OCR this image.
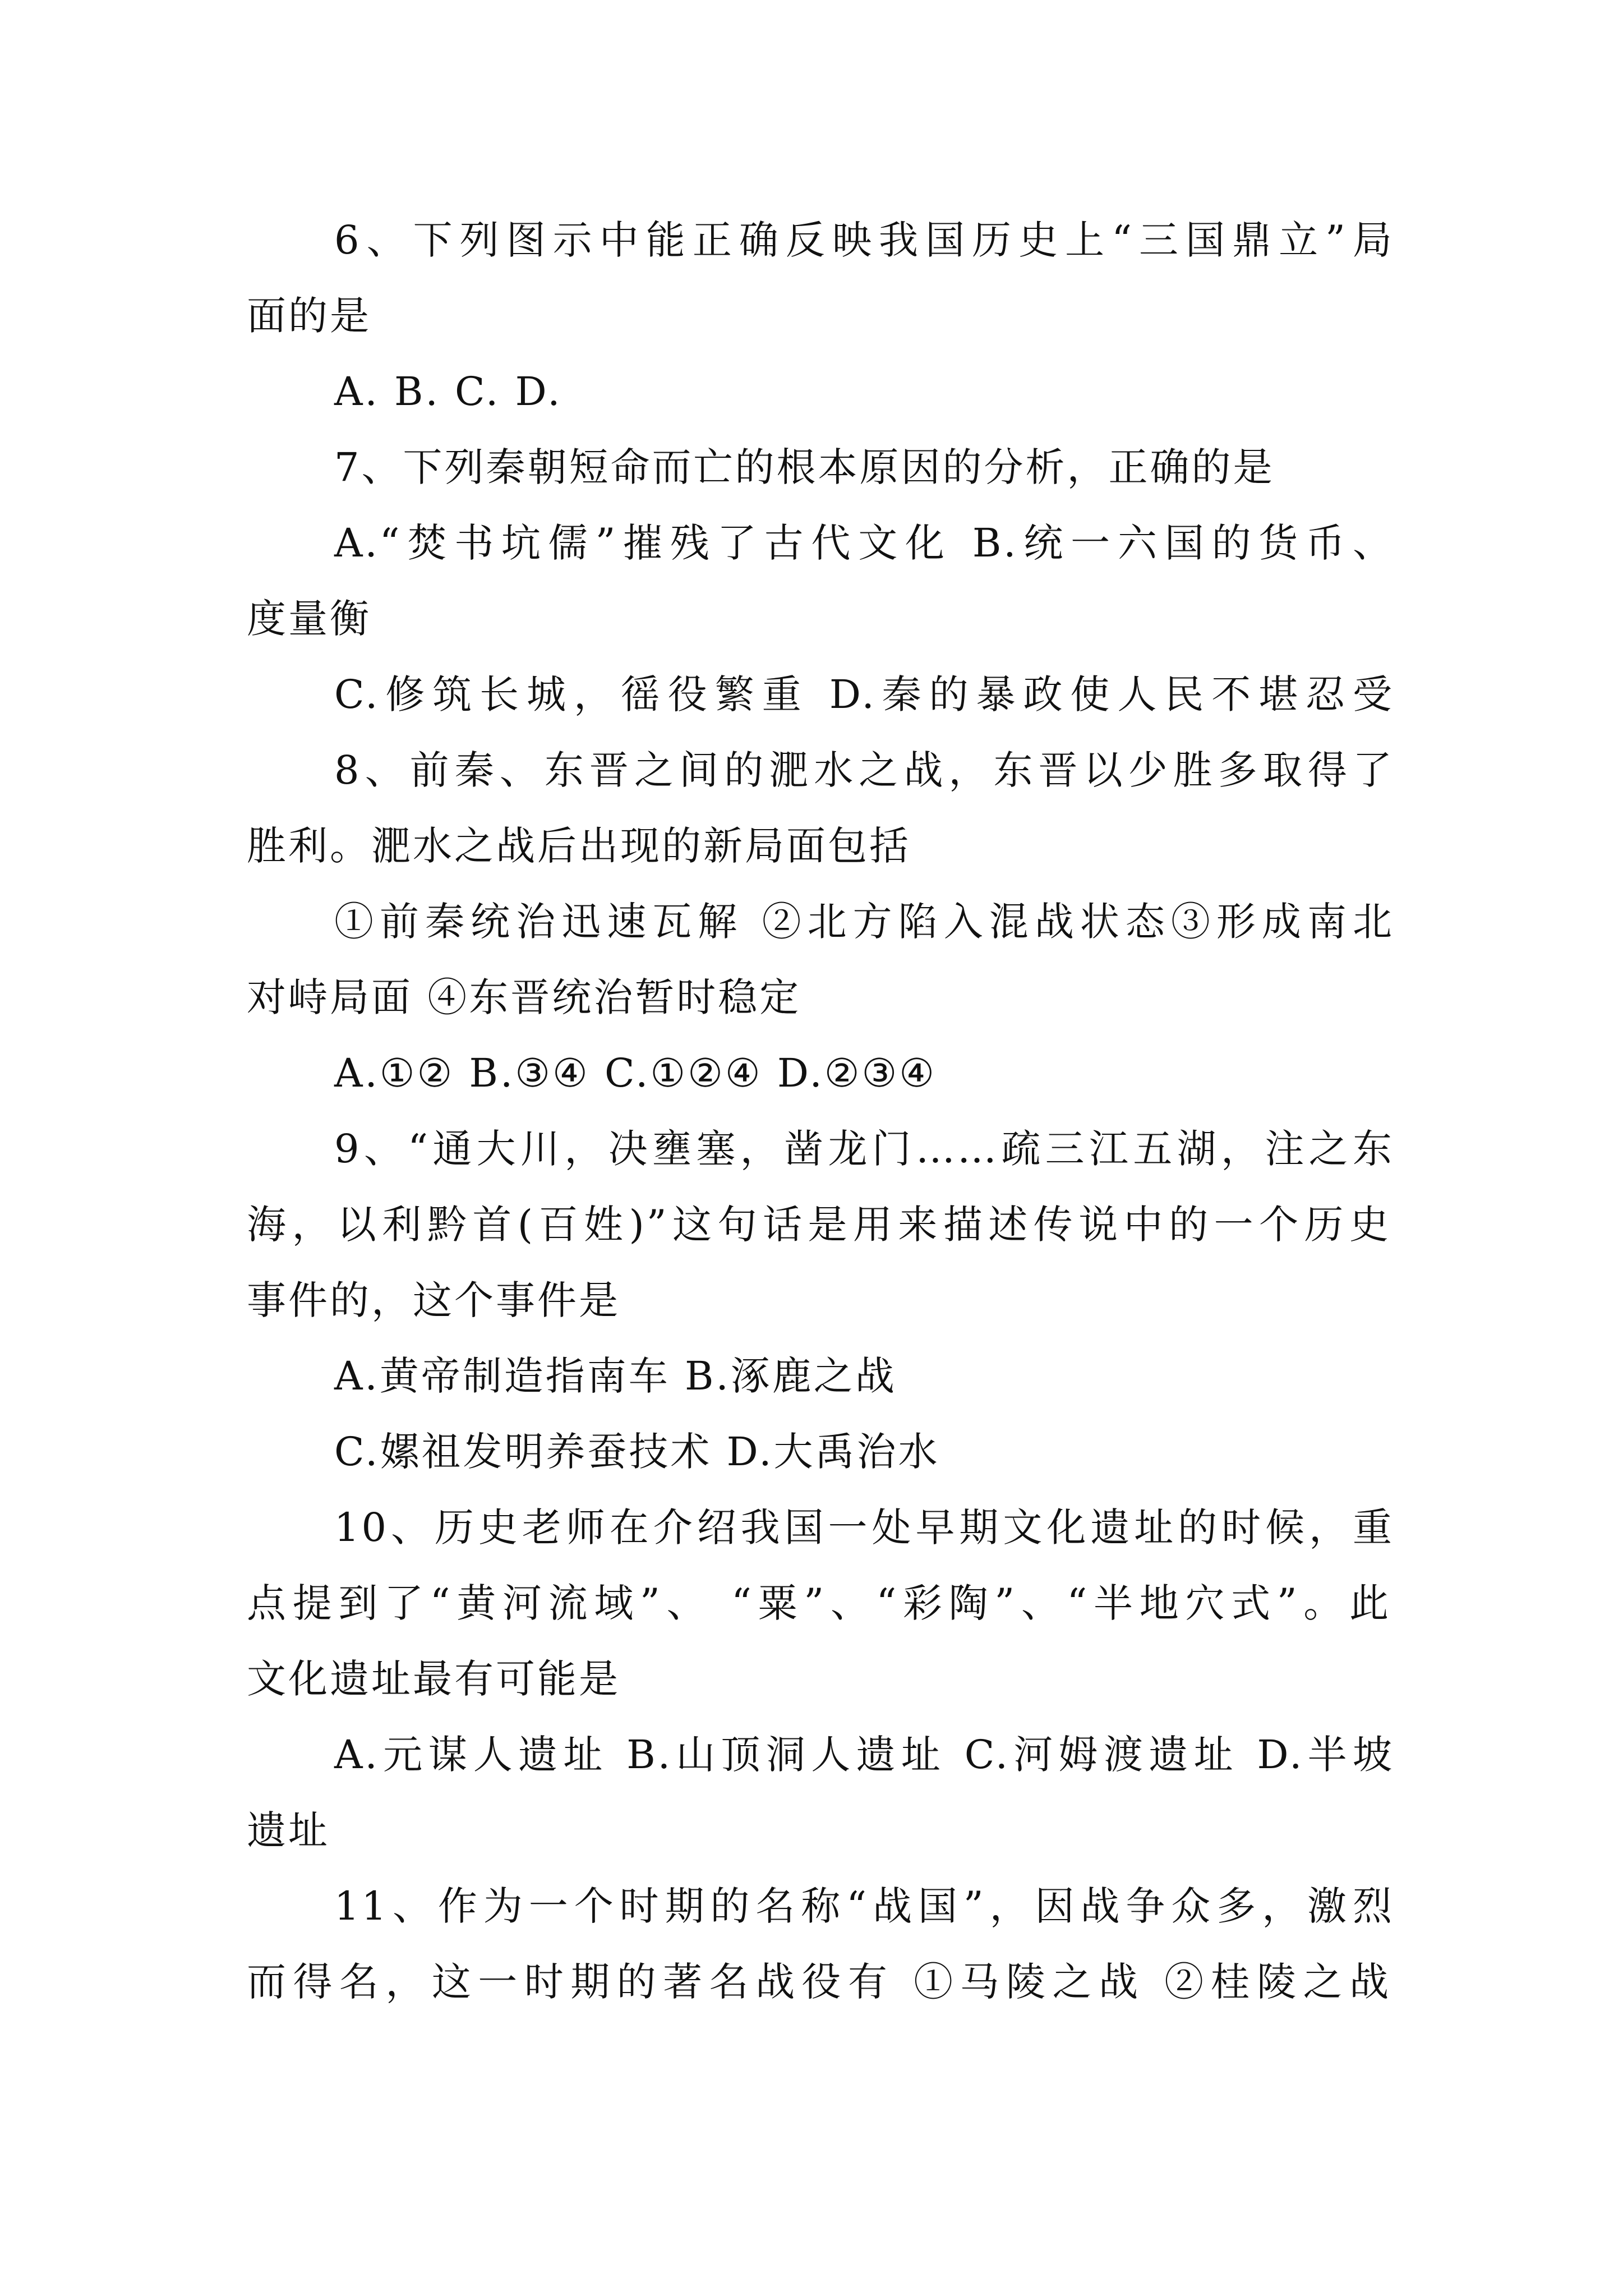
6、下列图示中能正确反映我国历史上“三国鼎立”局
面的是
A. B. C. D.
7、下列秦朝短命而亡的根本原因的分析，正确的是
A.“焚书坑儒”摧残了古代文化 B.统一六国的货币、
度量衡
C.修筑长城，徭役繁重 D.秦的暴政使人民不堪忍受
8、前秦、东晋之间的淝水之战，东晋以少胜多取得了
胜利。淝水之战后出现的新局面包括
①前秦统治迅速瓦解 ②北方陷入混战状态③形成南北
对峙局面 ④东晋统治暂时稳定
A.①② B.③④ C.①②④ D.②③④
9、“通大川，决壅塞，凿龙门……疏三江五湖，注之东
海，以利黔首(百姓)”这句话是用来描述传说中的一个历史
事件的，这个事件是
A.黄帝制造指南车 B.涿鹿之战
C.嫘祖发明养蚕技术 D.大禹治水
10、历史老师在介绍我国一处早期文化遗址的时候，重
点提到了“黄河流域”、 “粟”、“彩陶”、“半地穴式”。此
文化遗址最有可能是
A.元谋人遗址 B.山顶洞人遗址 C.河姆渡遗址 D.半坡
遗址
11、作为一个时期的名称“战国”，因战争众多，激烈
而得名，这一时期的著名战役有 ①马陵之战 ②桂陵之战
